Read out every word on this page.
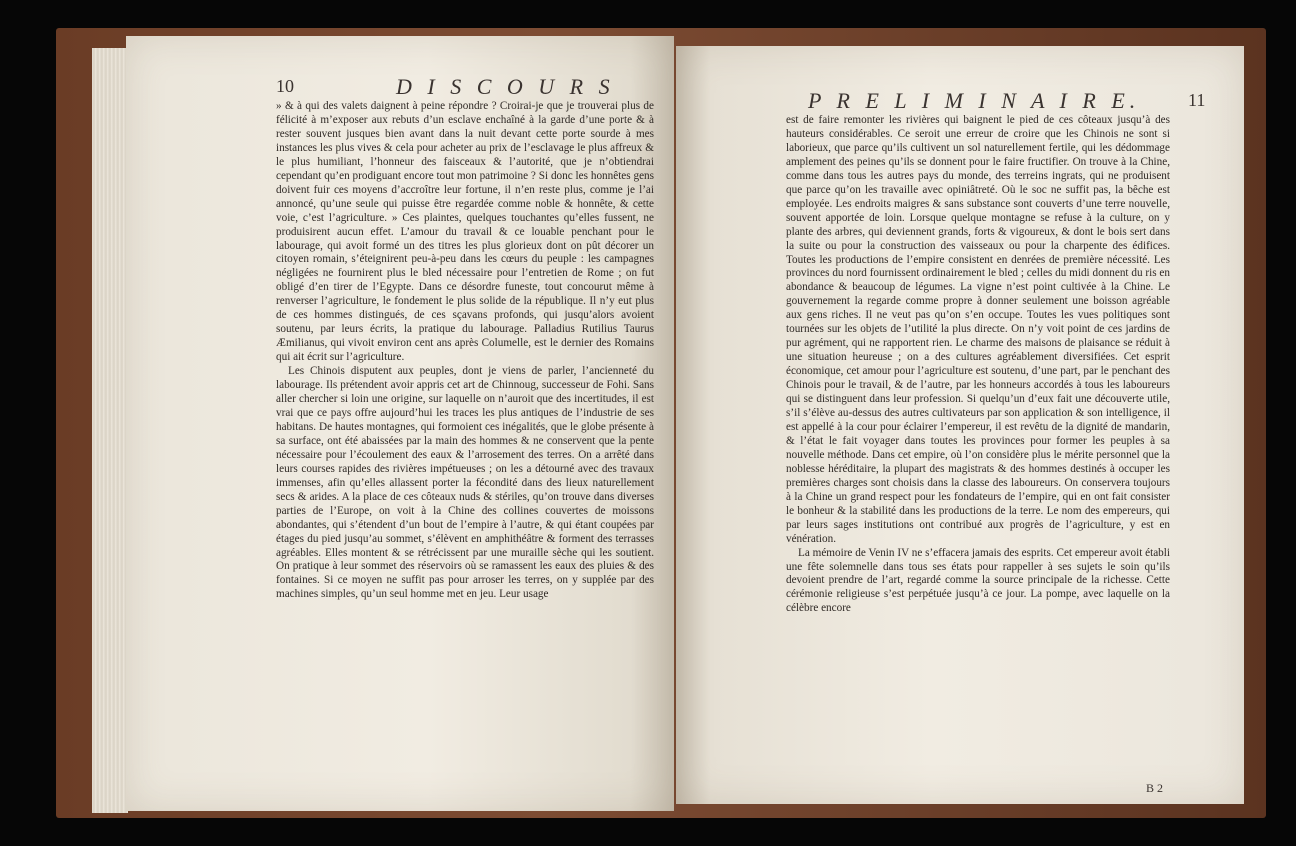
10	D I S C O U R S

» & à qui des valets daignent à peine répondre ? Croirai-je que je trouverai plus de félicité à m’exposer aux rebuts d’un esclave enchaîné à la garde d’une porte & à rester souvent jusques bien avant dans la nuit devant cette porte sourde à mes instances les plus vives & cela pour acheter au prix de l’esclavage le plus affreux & le plus humiliant, l’honneur des faisceaux & l’autorité, que je n’obtiendrai cependant qu’en prodiguant encore tout mon patrimoine ? Si donc les honnêtes gens doivent fuir ces moyens d’accroître leur fortune, il n’en reste plus, comme je l’ai annoncé, qu’une seule qui puisse être regardée comme noble & honnête, & cette voie, c’est l’agriculture. » Ces plaintes, quelques touchantes qu’elles fussent, ne produisirent aucun effet. L’amour du travail & ce louable penchant pour le labourage, qui avoit formé un des titres les plus glorieux dont on pût décorer un citoyen romain, s’éteignirent peu-à-peu dans les cœurs du peuple : les campagnes négligées ne fournirent plus le bled nécessaire pour l’entretien de Rome ; on fut obligé d’en tirer de l’Egypte. Dans ce désordre funeste, tout concourut même à renverser l’agriculture, le fondement le plus solide de la république. Il n’y eut plus de ces hommes distingués, de ces sçavans profonds, qui jusqu’alors avoient soutenu, par leurs écrits, la pratique du labourage. Palladius Rutilius Taurus Æmilianus, qui vivoit environ cent ans après Columelle, est le dernier des Romains qui ait écrit sur l’agriculture.

Les Chinois disputent aux peuples, dont je viens de parler, l’ancienneté du labourage. Ils prétendent avoir appris cet art de Chinnoug, successeur de Fohi. Sans aller chercher si loin une origine, sur laquelle on n’auroit que des incertitudes, il est vrai que ce pays offre aujourd’hui les traces les plus antiques de l’industrie de ses habitans. De hautes montagnes, qui formoient ces inégalités, que le globe présente à sa surface, ont été abaissées par la main des hommes & ne conservent que la pente nécessaire pour l’écoulement des eaux & l’arrosement des terres. On a arrêté dans leurs courses rapides des rivières impétueuses ; on les a détourné avec des travaux immenses, afin qu’elles allassent porter la fécondité dans des lieux naturellement secs & arides. A la place de ces côteaux nuds & stériles, qu’on trouve dans diverses parties de l’Europe, on voit à la Chine des collines couvertes de moissons abondantes, qui s’étendent d’un bout de l’empire à l’autre, & qui étant coupées par étages du pied jusqu’au sommet, s’élèvent en amphithéâtre & forment des terrasses agréables. Elles montent & se rétrécissent par une muraille sèche qui les soutient. On pratique à leur sommet des réservoirs où se ramassent les eaux des pluies & des fontaines. Si ce moyen ne suffit pas pour arroser les terres, on y supplée par des machines simples, qu’un seul homme met en jeu. Leur usage

P R E L I M I N A I R E.	11

est de faire remonter les rivières qui baignent le pied de ces côteaux jusqu’à des hauteurs considérables. Ce seroit une erreur de croire que les Chinois ne sont si laborieux, que parce qu’ils cultivent un sol naturellement fertile, qui les dédommage amplement des peines qu’ils se donnent pour le faire fructifier. On trouve à la Chine, comme dans tous les autres pays du monde, des terreins ingrats, qui ne produisent que parce qu’on les travaille avec opiniâtreté. Où le soc ne suffit pas, la bêche est employée. Les endroits maigres & sans substance sont couverts d’une terre nouvelle, souvent apportée de loin. Lorsque quelque montagne se refuse à la culture, on y plante des arbres, qui deviennent grands, forts & vigoureux, & dont le bois sert dans la suite ou pour la construction des vaisseaux ou pour la charpente des édifices. Toutes les productions de l’empire consistent en denrées de première nécessité. Les provinces du nord fournissent ordinairement le bled ; celles du midi donnent du ris en abondance & beaucoup de légumes. La vigne n’est point cultivée à la Chine. Le gouvernement la regarde comme propre à donner seulement une boisson agréable aux gens riches. Il ne veut pas qu’on s’en occupe. Toutes les vues politiques sont tournées sur les objets de l’utilité la plus directe. On n’y voit point de ces jardins de pur agrément, qui ne rapportent rien. Le charme des maisons de plaisance se réduit à une situation heureuse ; on a des cultures agréablement diversifiées. Cet esprit économique, cet amour pour l’agriculture est soutenu, d’une part, par le penchant des Chinois pour le travail, & de l’autre, par les honneurs accordés à tous les laboureurs qui se distinguent dans leur profession. Si quelqu’un d’eux fait une découverte utile, s’il s’élève au-dessus des autres cultivateurs par son application & son intelligence, il est appellé à la cour pour éclairer l’empereur, il est revêtu de la dignité de mandarin, & l’état le fait voyager dans toutes les provinces pour former les peuples à sa nouvelle méthode. Dans cet empire, où l’on considère plus le mérite personnel que la noblesse héréditaire, la plupart des magistrats & des hommes destinés à occuper les premières charges sont choisis dans la classe des laboureurs. On conservera toujours à la Chine un grand respect pour les fondateurs de l’empire, qui en ont fait consister le bonheur & la stabilité dans les productions de la terre. Le nom des empereurs, qui par leurs sages institutions ont contribué aux progrès de l’agriculture, y est en vénération.

La mémoire de Venin IV ne s’effacera jamais des esprits. Cet empereur avoit établi une fête solemnelle dans tous ses états pour rappeller à ses sujets le soin qu’ils devoient prendre de l’art, regardé comme la source principale de la richesse. Cette cérémonie religieuse s’est perpétuée jusqu’à ce jour. La pompe, avec laquelle on la célèbre encore

B 2
